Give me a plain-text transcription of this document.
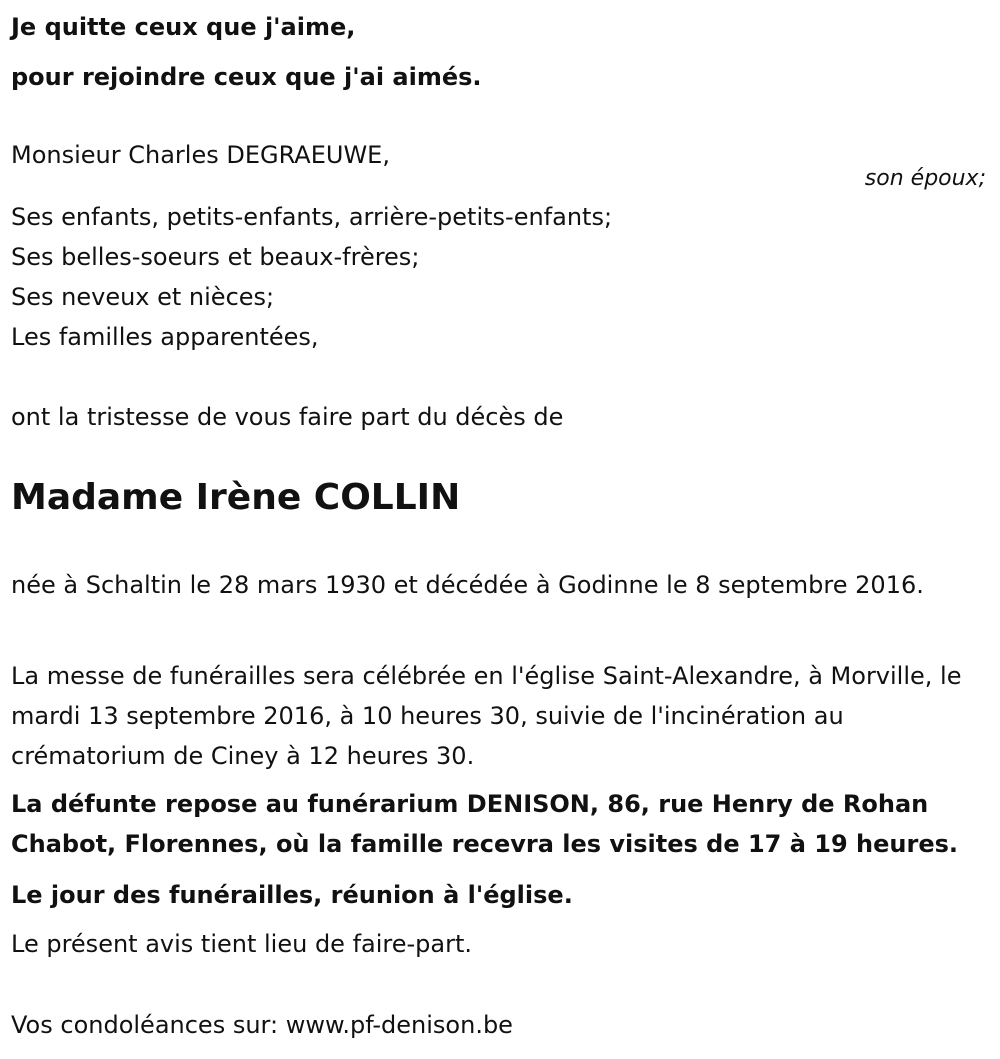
Je quitte ceux que j'aime,
pour rejoindre ceux que j'ai aimés.
Monsieur Charles DEGRAEUWE,
son époux;
Ses enfants, petits-enfants, arrière-petits-enfants;
Ses belles-soeurs et beaux-frères;
Ses neveux et nièces;
Les familles apparentées,
ont la tristesse de vous faire part du décès de
Madame Irène COLLIN
née à Schaltin le 28 mars 1930 et décédée à Godinne le 8 septembre 2016.
La messe de funérailles sera célébrée en l'église Saint-Alexandre, à Morville, le mardi 13 septembre 2016, à 10 heures 30, suivie de l'incinération au crématorium de Ciney à 12 heures 30.
La défunte repose au funérarium DENISON, 86, rue Henry de Rohan Chabot, Florennes, où la famille recevra les visites de 17 à 19 heures.
Le jour des funérailles, réunion à l'église.
Le présent avis tient lieu de faire-part.
Vos condoléances sur: www.pf-denison.be
